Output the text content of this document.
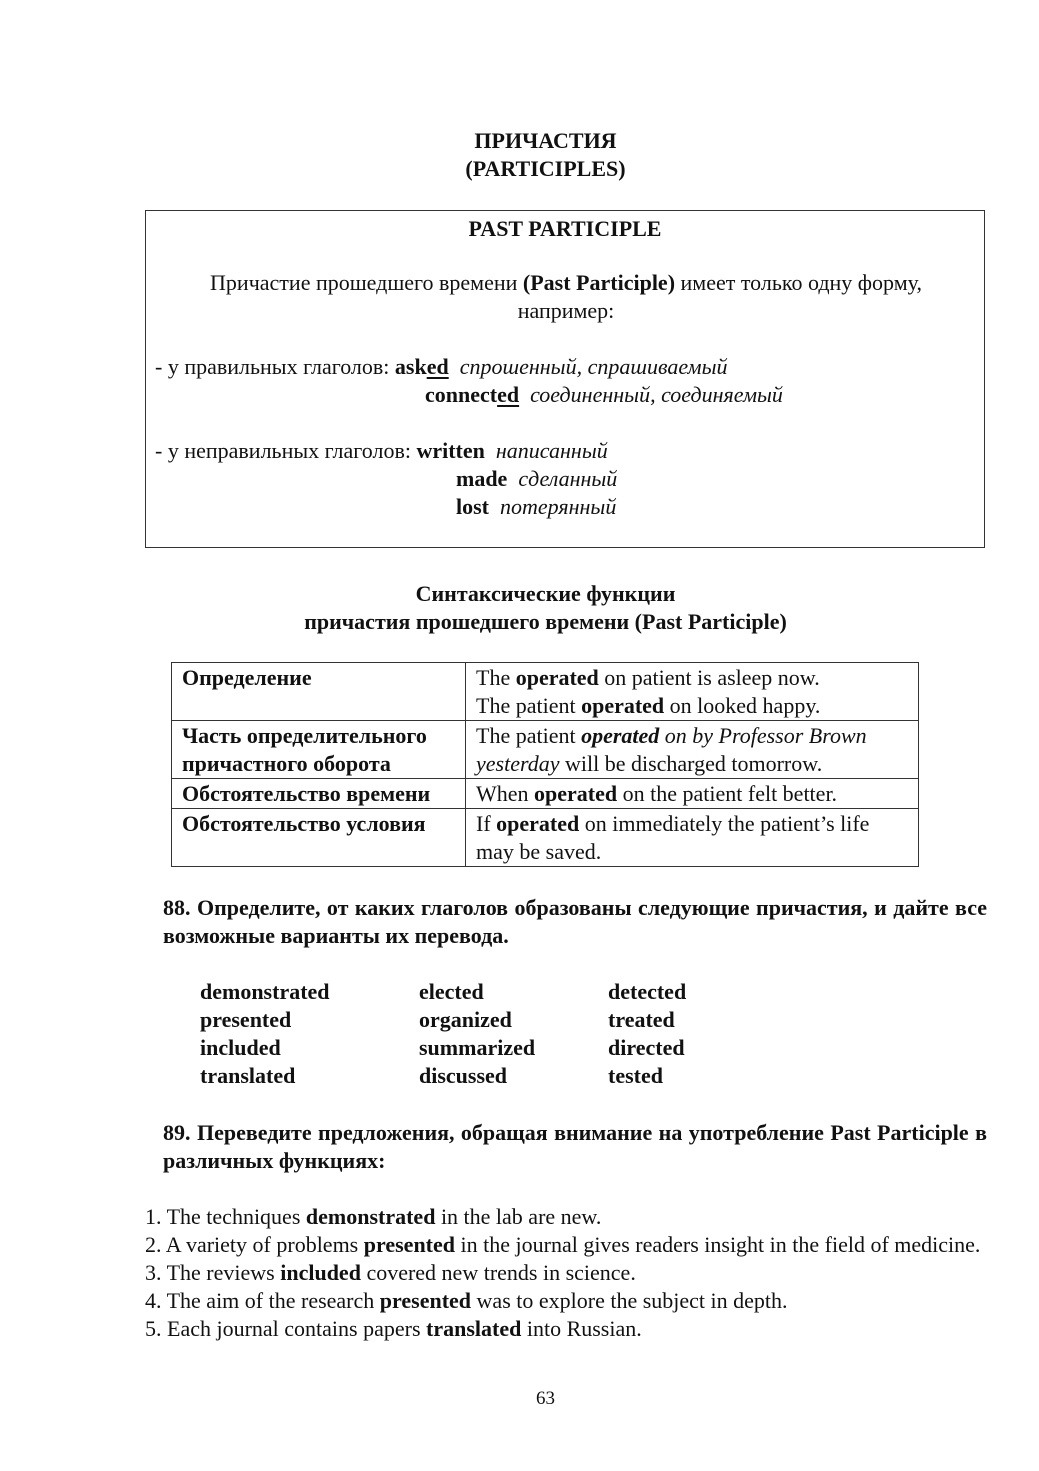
ПРИЧАСТИЯ
(PARTICIPLES)
PAST PARTICIPLE
Причастие прошедшего времени (Past Participle) имеет только одну форму, например:
- у правильных глаголов: asked спрошенный, спрашиваемый
connected соединенный, соединяемый
- у неправильных глаголов: written написанный
made сделанный
lost потерянный
Синтаксические функции
причастия прошедшего времени (Past Participle)
Определение	The operated on patient is asleep now.
The patient operated on looked happy.

Часть определительного причастного оборота	The patient operated on by Professor Brown yesterday will be discharged tomorrow.
Обстоятельство времени	When operated on the patient felt better.
Обстоятельство условия	If operated on immediately the patient’s life may be saved.
88. Определите, от каких глаголов образованы следующие причастия, и дайте все возможные варианты их перевода.
demonstrated	elected	detected
presented	organized	treated
included	summarized	directed
translated	discussed	tested
89. Переведите предложения, обращая внимание на употребление Past Participle в различных функциях:
1. The techniques demonstrated in the lab are new.
2. A variety of problems presented in the journal gives readers insight in the field of medicine.
3. The reviews included covered new trends in science.
4. The aim of the research presented was to explore the subject in depth.
5. Each journal contains papers translated into Russian.
63
